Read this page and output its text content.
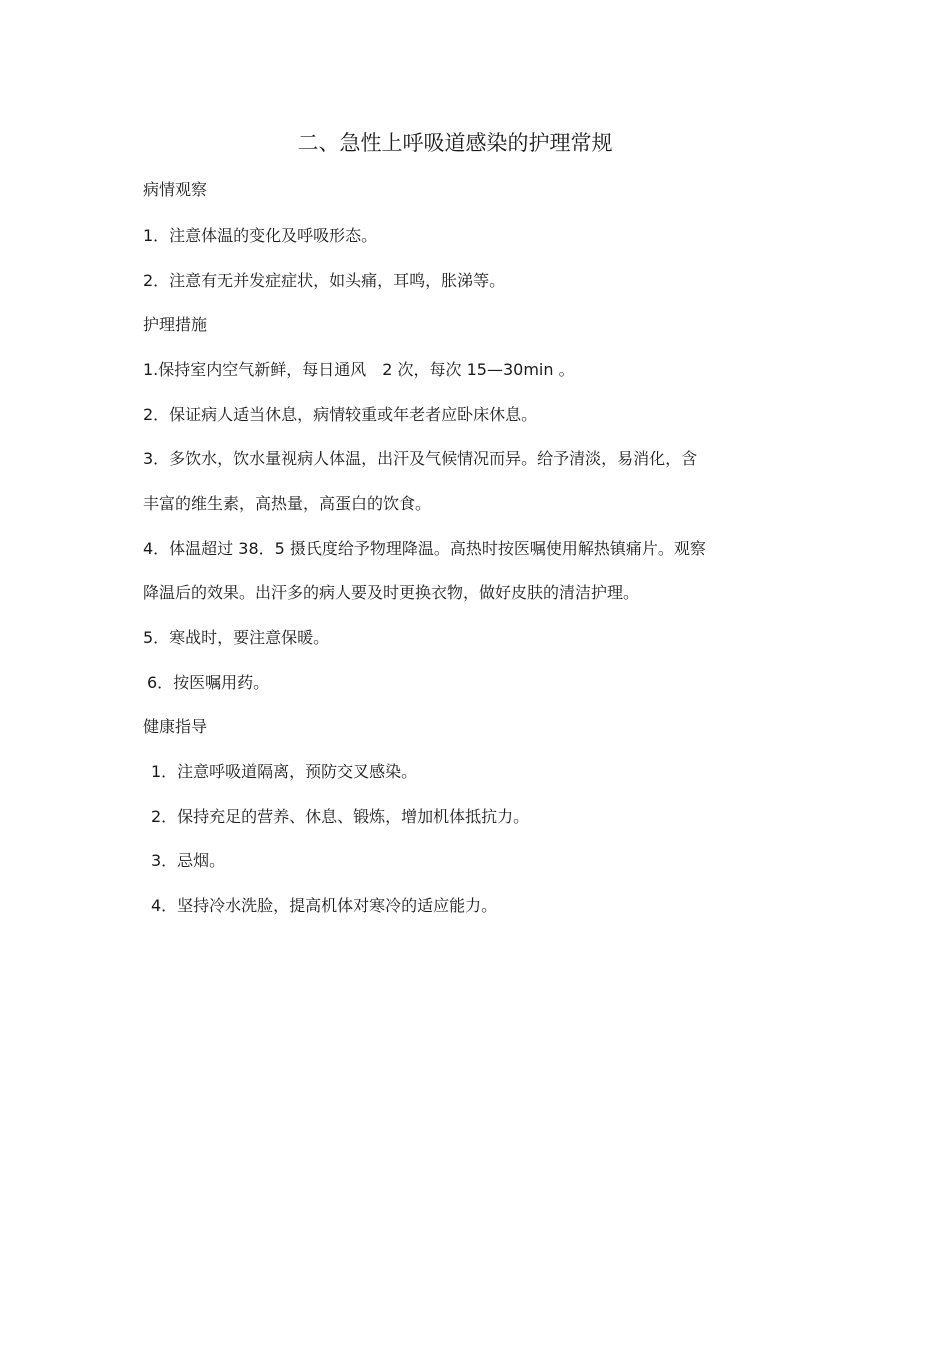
二、急性上呼吸道感染的护理常规

病情观察

1．注意体温的变化及呼吸形态。

2．注意有无并发症症状，如头痛，耳鸣，胀涕等。

护理措施

1.保持室内空气新鲜，每日通风　2 次，每次 15—30min 。

2．保证病人适当休息，病情较重或年老者应卧床休息。

3．多饮水，饮水量视病人体温，出汗及气候情况而异。给予清淡，易消化，含

丰富的维生素，高热量，高蛋白的饮食。

4．体温超过 38．5 摄氏度给予物理降温。高热时按医嘱使用解热镇痛片。观察

降温后的效果。出汗多的病人要及时更换衣物，做好皮肤的清洁护理。

5．寒战时，要注意保暖。

6．按医嘱用药。

健康指导

1．注意呼吸道隔离，预防交叉感染。

2．保持充足的营养、休息、锻炼，增加机体抵抗力。

3．忌烟。

4．坚持冷水洗脸，提高机体对寒冷的适应能力。
